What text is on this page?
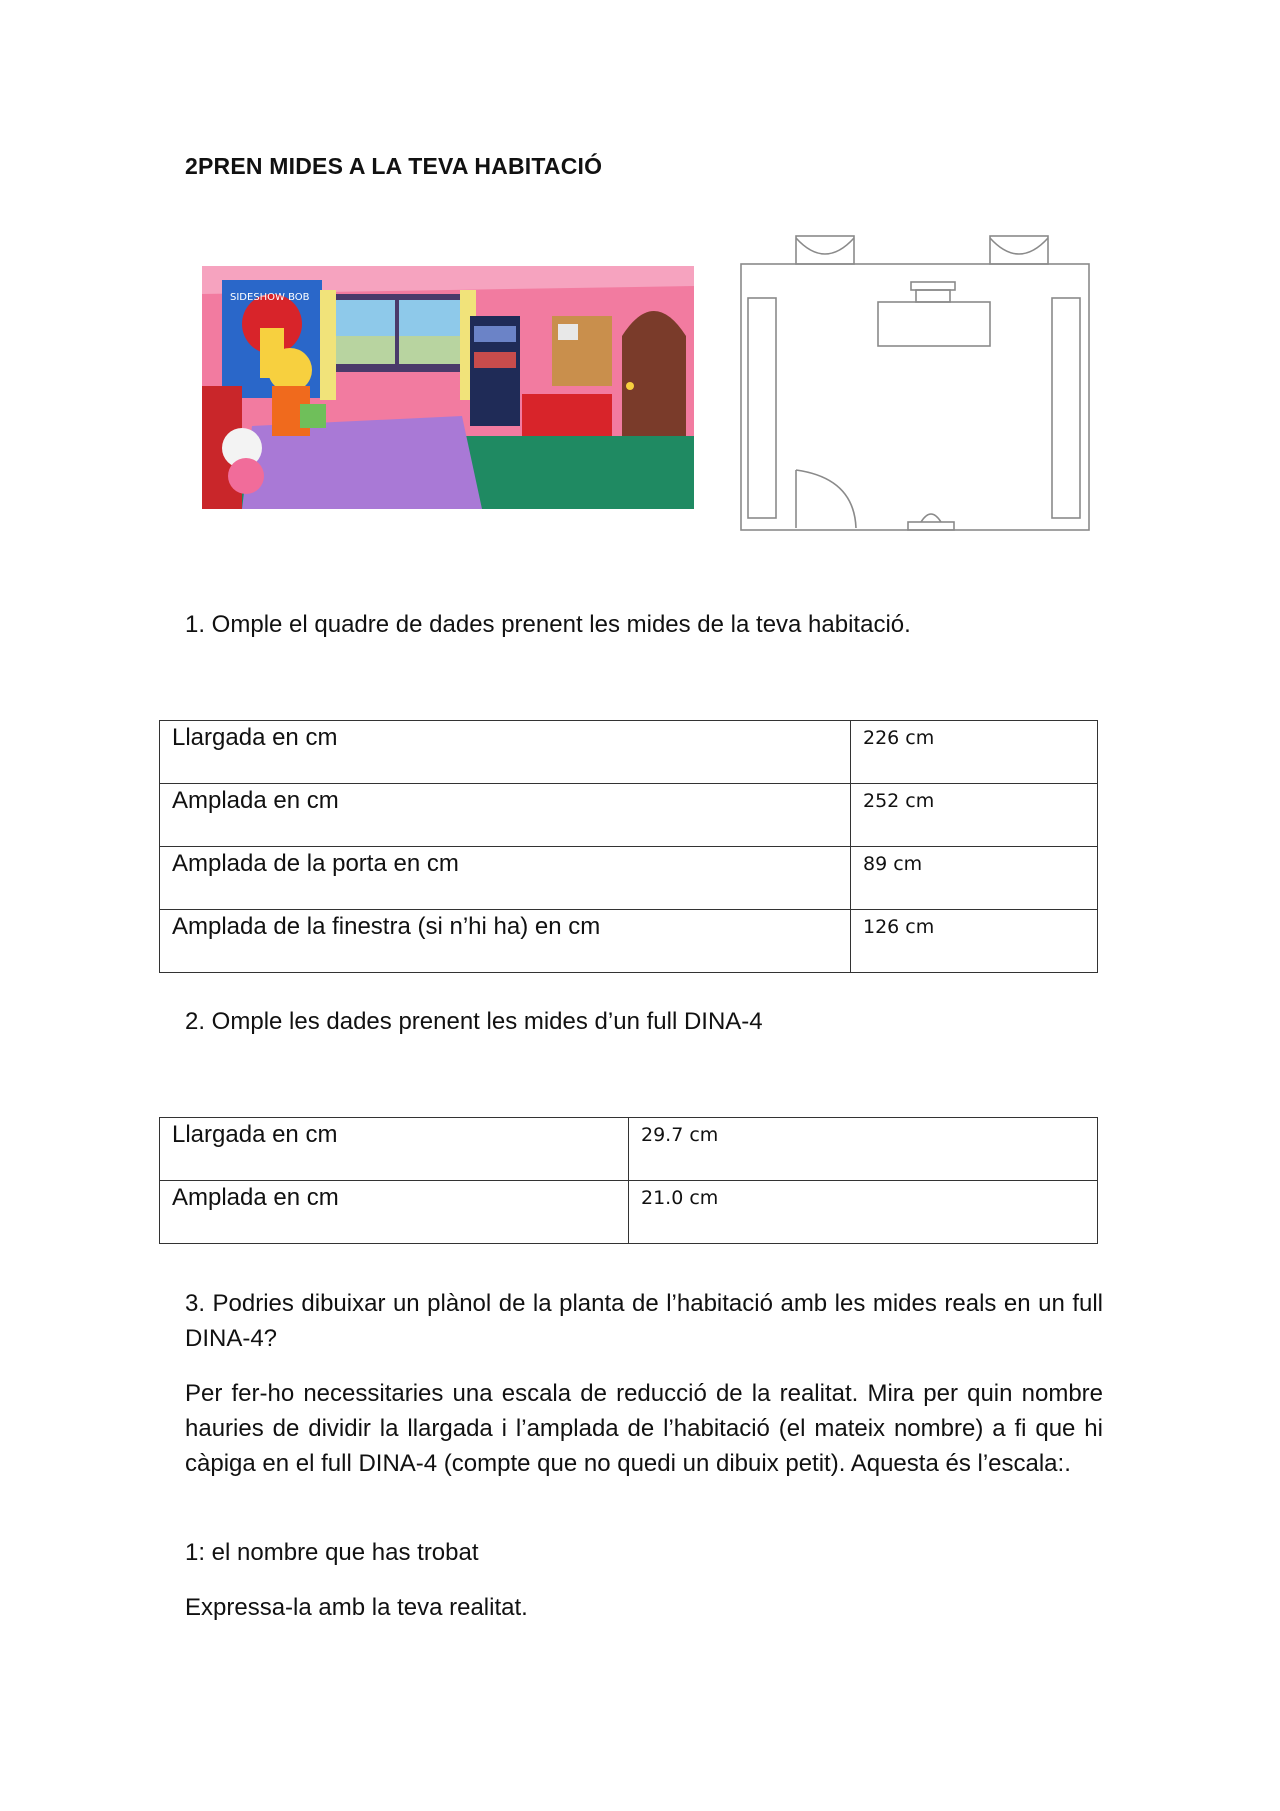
2PREN MIDES A LA TEVA HABITACIÓ
SIDESHOW BOB
1. Omple el quadre de dades prenent les mides de la teva habitació.
Llargada en cm	226 cm
Amplada en cm	252 cm
Amplada de la porta en cm	89 cm
Amplada de la finestra (si n’hi ha) en cm	126 cm
2. Omple les dades prenent les mides d’un full DINA-4
Llargada en cm	29.7 cm
Amplada en cm	21.0 cm
3. Podries dibuixar un plànol de la planta de l’habitació amb les mides reals en un full DINA-4?
Per fer-ho necessitaries una escala de reducció de la realitat. Mira per quin nombre hauries de dividir la llargada i l’amplada de l’habitació (el mateix nombre) a fi que hi càpiga en el full DINA-4 (compte que no quedi un dibuix petit). Aquesta és l’escala:.
1: el nombre que has trobat
Expressa-la amb la teva realitat.
